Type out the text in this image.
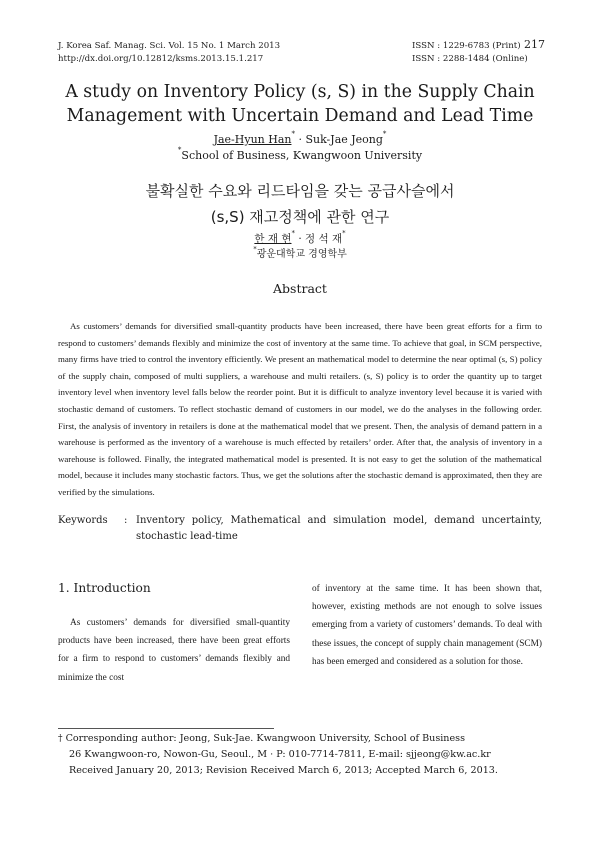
J. Korea Saf. Manag. Sci. Vol. 15 No. 1 March 2013
http://dx.doi.org/10.12812/ksms.2013.15.1.217
ISSN : 1229-6783 (Print)
ISSN : 2288-1484 (Online)
217
A study on Inventory Policy (s, S) in the Supply Chain
Management with Uncertain Demand and Lead Time
Jae-Hyun Han* · Suk-Jae Jeong*
*School of Business, Kwangwoon University
불확실한 수요와 리드타임을 갖는 공급사슬에서
(s,S) 재고정책에 관한 연구
한 재 현* · 정 석 재*
*광운대학교 경영학부
Abstract

As customers’ demands for diversified small-quantity products have been increased, there have been great efforts for a firm to respond to customers’ demands flexibly and minimize the cost of inventory at the same time. To achieve that goal, in SCM perspective, many firms have tried to control the inventory efficiently. We present an mathematical model to determine the near optimal (s, S) policy of the supply chain, composed of multi suppliers, a warehouse and multi retailers. (s, S) policy is to order the quantity up to target inventory level when inventory level falls below the reorder point. But it is difficult to analyze inventory level because it is varied with stochastic demand of customers. To reflect stochastic demand of customers in our model, we do the analyses in the following order. First, the analysis of inventory in retailers is done at the mathematical model that we present. Then, the analysis of demand pattern in a warehouse is performed as the inventory of a warehouse is much effected by retailers’ order. After that, the analysis of inventory in a warehouse is followed. Finally, the integrated mathematical model is presented. It is not easy to get the solution of the mathematical model, because it includes many stochastic factors. Thus, we get the solutions after the stochastic demand is approximated, then they are verified by the simulations.

Keywords : Inventory policy, Mathematical and simulation model, demand uncertainty, stochastic lead-time
1. Introduction

As customers’ demands for diversified small-quantity products have been increased, there have been great efforts for a firm to respond to customers’ demands flexibly and minimize the cost

of inventory at the same time. It has been shown that, however, existing methods are not enough to solve issues emerging from a variety of customers’ demands. To deal with these issues, the concept of supply chain management (SCM) has been emerged and considered as a solution for those.

† Corresponding author: Jeong, Suk-Jae. Kwangwoon University, School of Business
26 Kwangwoon-ro, Nowon-Gu, Seoul., M · P: 010-7714-7811, E-mail: sjjeong@kw.ac.kr
Received January 20, 2013; Revision Received March 6, 2013; Accepted March 6, 2013.
